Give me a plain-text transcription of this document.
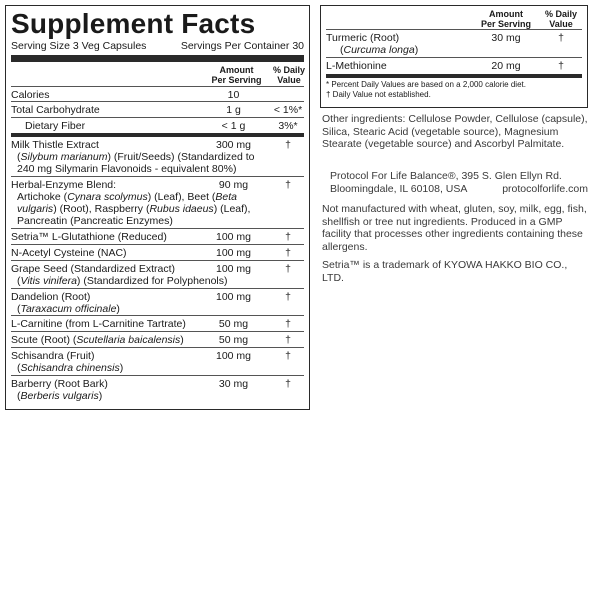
Supplement Facts
Serving Size 3 Veg Capsules	Servings Per Container 30
Amount
Per Serving
% Daily
Value
Calories	10
Total Carbohydrate	1 g	< 1%*
Dietary Fiber	< 1 g	3%*
Milk Thistle Extract	300 mg	†
(Silybum marianum) (Fruit/Seeds) (Standardized to
240 mg Silymarin Flavonoids - equivalent 80%)
Herbal-Enzyme Blend:	90 mg	†
Artichoke (Cynara scolymus) (Leaf), Beet (Beta
vulgaris) (Root), Raspberry (Rubus idaeus) (Leaf),
Pancreatin (Pancreatic Enzymes)
Setria™ L-Glutathione (Reduced)	100 mg	†
N-Acetyl Cysteine (NAC)	100 mg	†
Grape Seed (Standardized Extract)	100 mg	†
(Vitis vinifera) (Standardized for Polyphenols)
Dandelion (Root)	100 mg	†
(Taraxacum officinale)
L-Carnitine (from L-Carnitine Tartrate)	50 mg	†
Scute (Root) (Scutellaria baicalensis)	50 mg	†
Schisandra (Fruit)	100 mg	†
(Schisandra chinensis)
Barberry (Root Bark)	30 mg	†
(Berberis vulgaris)
Amount
Per Serving
% Daily
Value
Turmeric (Root)	30 mg	†
(Curcuma longa)
L-Methionine	20 mg	†
* Percent Daily Values are based on a 2,000 calorie diet.
† Daily Value not established.

Other ingredients: Cellulose Powder, Cellulose (capsule), Silica, Stearic Acid (vegetable source), Magnesium Stearate (vegetable source) and Ascorbyl Palmitate.

Protocol For Life Balance®, 395 S. Glen Ellyn Rd.
Bloomingdale, IL 60108, USA	protocolforlife.com

Not manufactured with wheat, gluten, soy, milk, egg, fish, shellfish or tree nut ingredients. Produced in a GMP facility that processes other ingredients containing these allergens.

Setria™ is a trademark of KYOWA HAKKO BIO CO., LTD.
